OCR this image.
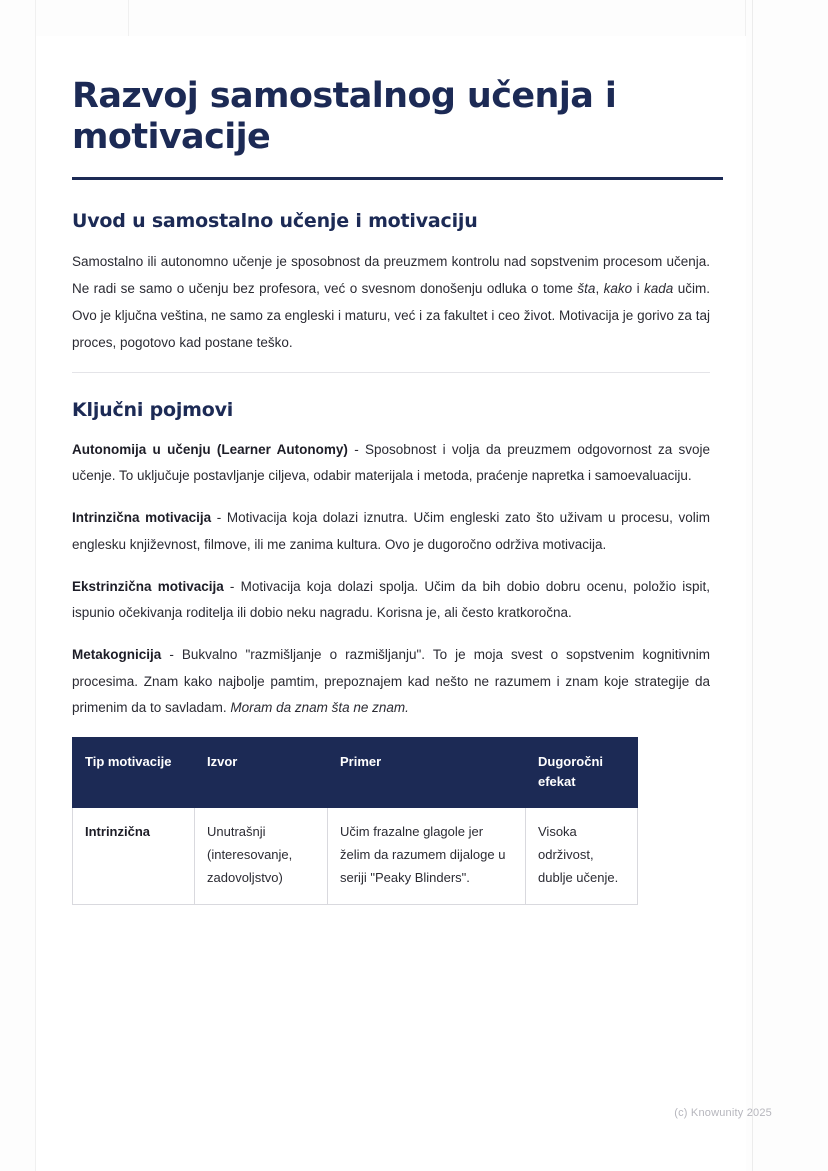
Razvoj samostalnog učenja i motivacije
Uvod u samostalno učenje i motivaciju

Samostalno ili autonomno učenje je sposobnost da preuzmem kontrolu nad sopstvenim procesom učenja. Ne radi se samo o učenju bez profesora, već o svesnom donošenju odluka o tome šta, kako i kada učim. Ovo je ključna veština, ne samo za engleski i maturu, već i za fakultet i ceo život. Motivacija je gorivo za taj proces, pogotovo kad postane teško.

Ključni pojmovi

Autonomija u učenju (Learner Autonomy) - Sposobnost i volja da preuzmem odgovornost za svoje učenje. To uključuje postavljanje ciljeva, odabir materijala i metoda, praćenje napretka i samoevaluaciju.

Intrinzična motivacija - Motivacija koja dolazi iznutra. Učim engleski zato što uživam u procesu, volim englesku književnost, filmove, ili me zanima kultura. Ovo je dugoročno održiva motivacija.

Ekstrinzična motivacija - Motivacija koja dolazi spolja. Učim da bih dobio dobru ocenu, položio ispit, ispunio očekivanja roditelja ili dobio neku nagradu. Korisna je, ali često kratkoročna.

Metakognicija - Bukvalno "razmišljanje o razmišljanju". To je moja svest o sopstvenim kognitivnim procesima. Znam kako najbolje pamtim, prepoznajem kad nešto ne razumem i znam koje strategije da primenim da to savladam. Moram da znam šta ne znam.

Tip motivacije	Izvor	Primer	Dugoročni efekat
Intrinzična	Unutrašnji (interesovanje, zadovoljstvo)	Učim frazalne glagole jer želim da razumem dijaloge u seriji "Peaky Blinders".	Visoka održivost, dublje učenje.
(c) Knowunity 2025
